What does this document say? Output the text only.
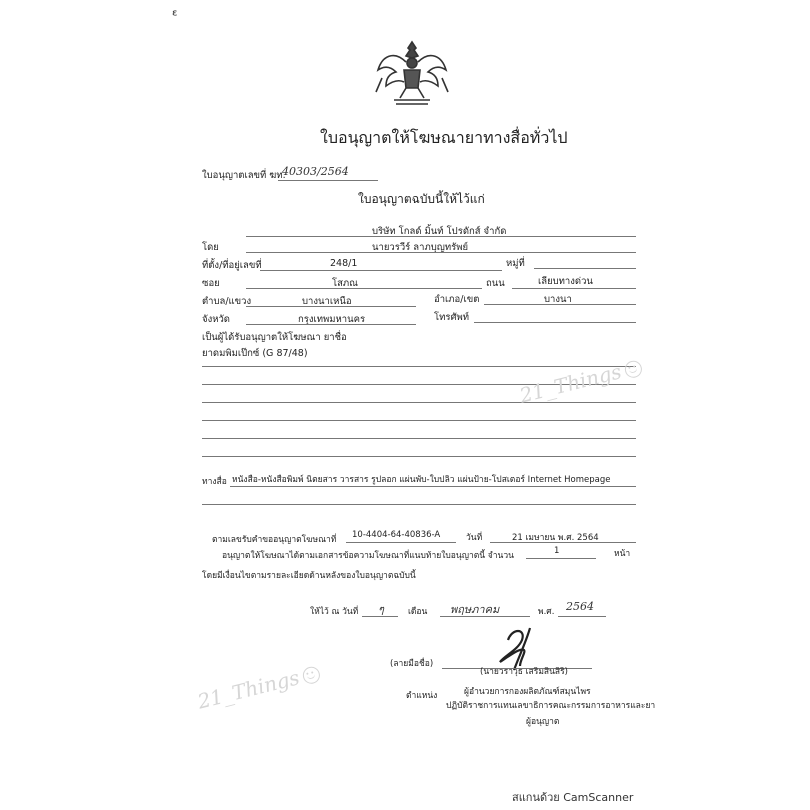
ᵋ
ใบอนุญาตให้โฆษณายาทางสื่อทั่วไป
ใบอนุญาตเลขที่ ฆท.
40303/2564
ใบอนุญาตฉบับนี้ให้ไว้แก่
บริษัท โกลด์ มิ้นท์ โปรดักส์ จำกัด
โดย	นายวรวีร์ ลาภบุญทรัพย์
ที่ตั้ง/ที่อยู่เลขที่	248/1	หมู่ที่
ซอย	โสภณ	ถนน	เลียบทางด่วน
ตำบล/แขวง	บางนาเหนือ	อำเภอ/เขต	บางนา
จังหวัด	กรุงเทพมหานคร	โทรศัพท์
เป็นผู้ได้รับอนุญาตให้โฆษณา ยาชื่อ
ยาดมพิมเป๊กซ์ (G 87/48)
ทางสื่อ หนังสือ-หนังสือพิมพ์ นิตยสาร วารสาร รูปลอก แผ่นพับ-ใบปลิว แผ่นป้าย-โปสเตอร์ Internet Homepage
ตามเลขรับคำขออนุญาตโฆษณาที่ 10-4404-64-40836-A	วันที่	21 เมษายน พ.ศ. 2564
อนุญาตให้โฆษณาได้ตามเอกสารข้อความโฆษณาที่แนบท้ายใบอนุญาตนี้ จำนวน	1	หน้า
โดยมีเงื่อนไขตามรายละเอียดด้านหลังของใบอนุญาตฉบับนี้
ให้ไว้ ณ วันที่ ๆ	เดือน พฤษภาคม	พ.ศ. 2564
(ลายมือชื่อ)
(นายวราวุธ เสริมสินสิริ)
ตำแหน่ง	ผู้อำนวยการกองผลิตภัณฑ์สมุนไพร
ปฏิบัติราชการแทนเลขาธิการคณะกรรมการอาหารและยา
ผู้อนุญาต
21_Things
21_Things
สแกนด้วย CamScanner
